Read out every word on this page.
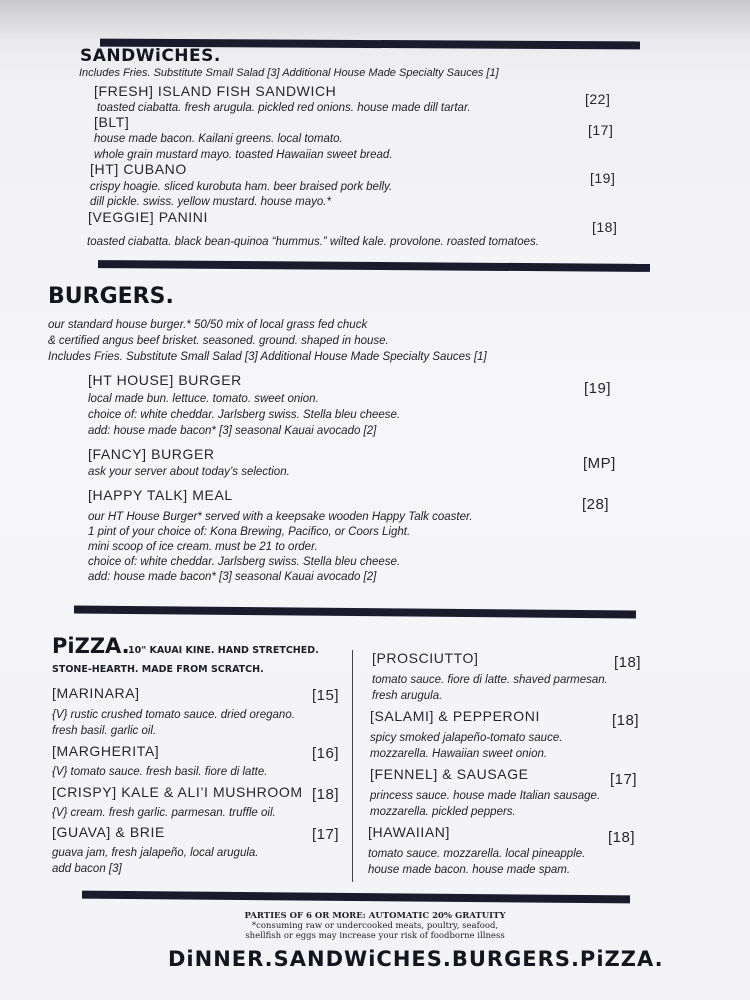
SANDWiCHES.
Includes Fries. Substitute Small Salad [3] Additional House Made Specialty Sauces [1]
[FRESH] ISLAND FISH SANDWICH	[22]
toasted ciabatta. fresh arugula. pickled red onions. house made dill tartar.
[BLT]	[17]
house made bacon. Kailani greens. local tomato.
whole grain mustard mayo. toasted Hawaiian sweet bread.
[HT] CUBANO
[19]
crispy hoagie. sliced kurobuta ham. beer braised pork belly.
dill pickle. swiss. yellow mustard. house mayo.*
[VEGGIE] PANINI
[18]
toasted ciabatta. black bean-quinoa “hummus.” wilted kale. provolone. roasted tomatoes.
BURGERS.
our standard house burger.* 50/50 mix of local grass fed chuck
& certified angus beef brisket. seasoned. ground. shaped in house.
Includes Fries. Substitute Small Salad [3] Additional House Made Specialty Sauces [1]
[HT HOUSE] BURGER	[19]
local made bun. lettuce. tomato. sweet onion.
choice of: white cheddar. Jarlsberg swiss. Stella bleu cheese.
add: house made bacon* [3] seasonal Kauai avocado [2]
[FANCY] BURGER
[MP]
ask your server about today’s selection.
[HAPPY TALK] MEAL
[28]
our HT House Burger* served with a keepsake wooden Happy Talk coaster.
1 pint of your choice of: Kona Brewing, Pacifico, or Coors Light.
mini scoop of ice cream. must be 21 to order.
choice of: white cheddar. Jarlsberg swiss. Stella bleu cheese.
add: house made bacon* [3] seasonal Kauai avocado [2]
PiZZA.
10" KAUAI KINE. HAND STRETCHED.
STONE-HEARTH. MADE FROM SCRATCH.
[MARINARA]	[15]
{V} rustic crushed tomato sauce. dried oregano.
fresh basil. garlic oil.
[MARGHERITA]	[16]
{V} tomato sauce. fresh basil. fiore di latte.
[CRISPY] KALE & ALI’I MUSHROOM [18]
{V} cream. fresh garlic. parmesan. truffle oil.
[GUAVA] & BRIE	[17]
guava jam, fresh jalapeño, local arugula.
add bacon [3]
[PROSCIUTTO]	[18]
tomato sauce. fiore di latte. shaved parmesan.
fresh arugula.
[SALAMI] & PEPPERONI	[18]
spicy smoked jalapeño-tomato sauce.
mozzarella. Hawaiian sweet onion.
[FENNEL] & SAUSAGE	[17]
princess sauce. house made Italian sausage.
mozzarella. pickled peppers.
[HAWAIIAN]	[18]
tomato sauce. mozzarella. local pineapple.
house made bacon. house made spam.
PARTIES OF 6 OR MORE: AUTOMATIC 20% GRATUITY
*consuming raw or undercooked meats, poultry, seafood,
shellfish or eggs may increase your risk of foodborne illness
DiNNER.SANDWiCHES.BURGERS.PiZZA.
